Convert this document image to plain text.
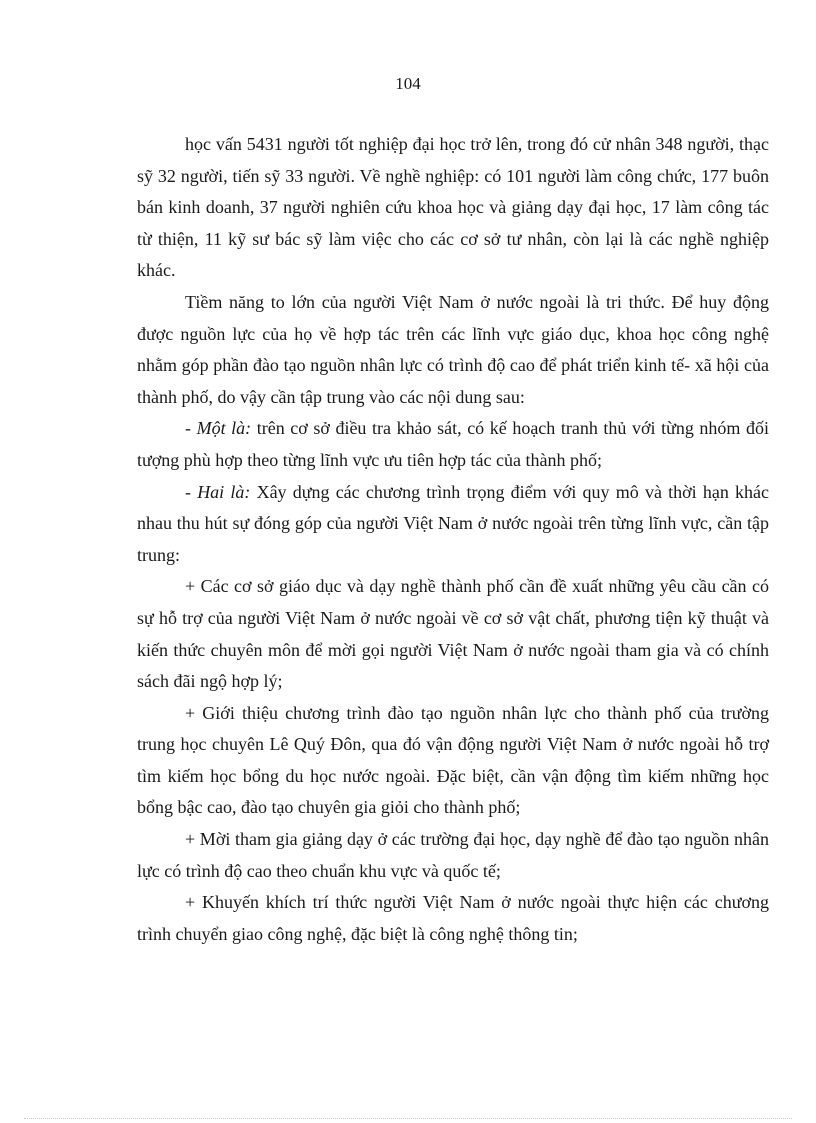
104

học vấn 5431 người tốt nghiệp đại học trở lên, trong đó cử nhân 348 người, thạc sỹ 32 người, tiến sỹ 33 người. Về nghề nghiệp: có 101 người làm công chức, 177 buôn bán kinh doanh, 37 người nghiên cứu khoa học và giảng dạy đại học, 17 làm công tác từ thiện, 11 kỹ sư bác sỹ làm việc cho các cơ sở tư nhân, còn lại là các nghề nghiệp khác.

Tiềm năng to lớn của người Việt Nam ở nước ngoài là tri thức. Để huy động được nguồn lực của họ về hợp tác trên các lĩnh vực giáo dục, khoa học công nghệ nhằm góp phần đào tạo nguồn nhân lực có trình độ cao để phát triển kinh tế- xã hội của thành phố, do vậy cần tập trung vào các nội dung sau:

- Một là: trên cơ sở điều tra khảo sát, có kế hoạch tranh thủ với từng nhóm đối tượng phù hợp theo từng lĩnh vực ưu tiên hợp tác của thành phố;

- Hai là: Xây dựng các chương trình trọng điểm với quy mô và thời hạn khác nhau thu hút sự đóng góp của người Việt Nam ở nước ngoài trên từng lĩnh vực, cần tập trung:

+ Các cơ sở giáo dục và dạy nghề thành phố cần đề xuất những yêu cầu cần có sự hỗ trợ của người Việt Nam ở nước ngoài về cơ sở vật chất, phương tiện kỹ thuật và kiến thức chuyên môn để mời gọi người Việt Nam ở nước ngoài tham gia và có chính sách đãi ngộ hợp lý;

+ Giới thiệu chương trình đào tạo nguồn nhân lực cho thành phố của trường trung học chuyên Lê Quý Đôn, qua đó vận động người Việt Nam ở nước ngoài hỗ trợ tìm kiếm học bổng du học nước ngoài. Đặc biệt, cần vận động tìm kiếm những học bổng bậc cao, đào tạo chuyên gia giỏi cho thành phố;

+ Mời tham gia giảng dạy ở các trường đại học, dạy nghề để đào tạo nguồn nhân lực có trình độ cao theo chuẩn khu vực và quốc tế;

+ Khuyến khích trí thức người Việt Nam ở nước ngoài thực hiện các chương trình chuyển giao công nghệ, đặc biệt là công nghệ thông tin;
